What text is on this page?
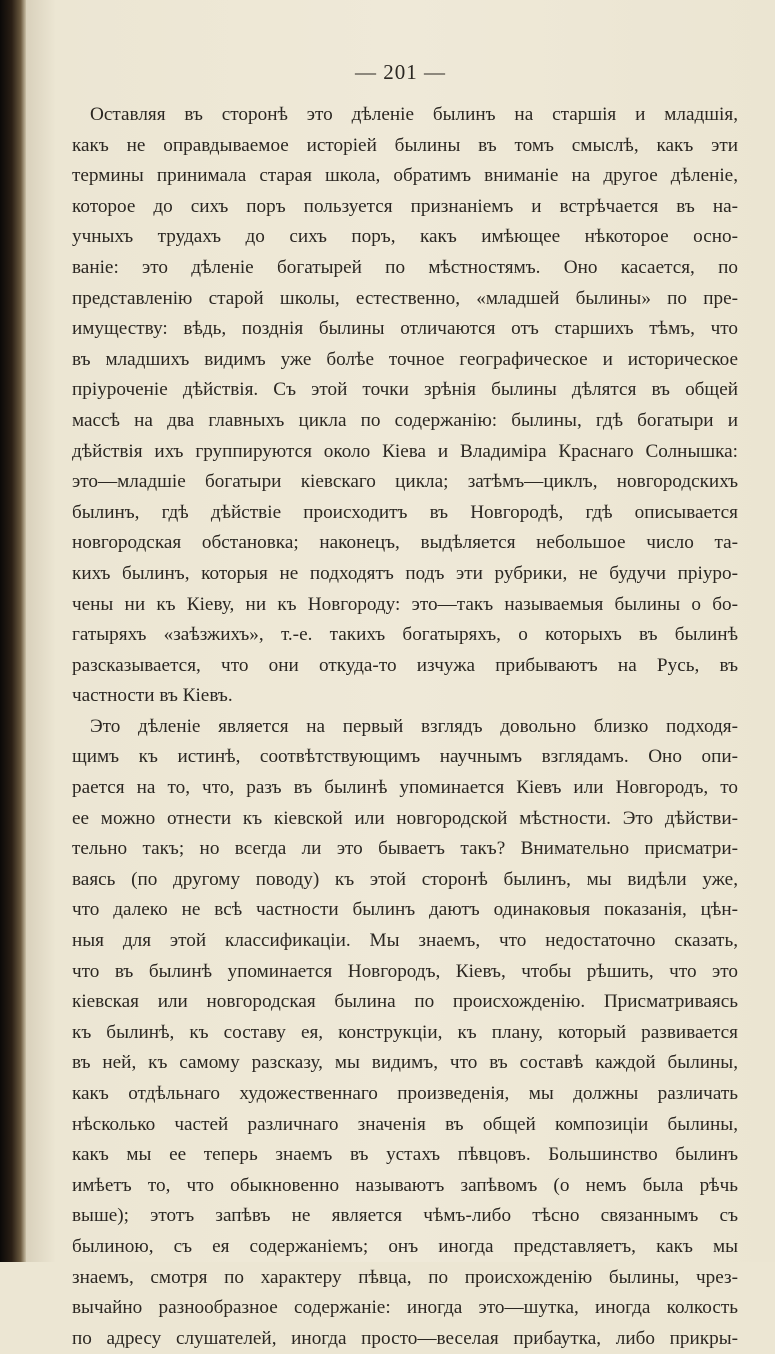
— 201 —
Оставляя въ сторонѣ это дѣленіе былинъ на старшія и младшія,
какъ не оправдываемое исторіей былины въ томъ смыслѣ, какъ эти
термины принимала старая школа, обратимъ вниманіе на другое дѣленіе,
которое до сихъ поръ пользуется признаніемъ и встрѣчается въ на-
учныхъ трудахъ до сихъ поръ, какъ имѣющее нѣкоторое осно-
ваніе: это дѣленіе богатырей по мѣстностямъ. Оно касается, по
представленію старой школы, естественно, «младшей былины» по пре-
имуществу: вѣдь, позднія былины отличаются отъ старшихъ тѣмъ, что
въ младшихъ видимъ уже болѣе точное географическое и историческое
пріуроченіе дѣйствія. Съ этой точки зрѣнія былины дѣлятся въ общей
массѣ на два главныхъ цикла по содержанію: былины, гдѣ богатыри и
дѣйствія ихъ группируются около Кіева и Владиміра Краснаго Солнышка:
это—младшіе богатыри кіевскаго цикла; затѣмъ—циклъ, новгородскихъ
былинъ, гдѣ дѣйствіе происходитъ въ Новгородѣ, гдѣ описывается
новгородская обстановка; наконецъ, выдѣляется небольшое число та-
кихъ былинъ, которыя не подходятъ подъ эти рубрики, не будучи пріуро-
чены ни къ Кіеву, ни къ Новгороду: это—такъ называемыя былины о бо-
гатыряхъ «заѣзжихъ», т.-е. такихъ богатыряхъ, о которыхъ въ былинѣ
разсказывается, что они откуда-то изчужа прибываютъ на Русь, въ
частности въ Кіевъ.
Это дѣленіе является на первый взглядъ довольно близко подходя-
щимъ къ истинѣ, соотвѣтствующимъ научнымъ взглядамъ. Оно опи-
рается на то, что, разъ въ былинѣ упоминается Кіевъ или Новгородъ, то
ее можно отнести къ кіевской или новгородской мѣстности. Это дѣйстви-
тельно такъ; но всегда ли это бываетъ такъ? Внимательно присматри-
ваясь (по другому поводу) къ этой сторонѣ былинъ, мы видѣли уже,
что далеко не всѣ частности былинъ даютъ одинаковыя показанія, цѣн-
ныя для этой классификаціи. Мы знаемъ, что недостаточно сказать,
что въ былинѣ упоминается Новгородъ, Кіевъ, чтобы рѣшить, что это
кіевская или новгородская былина по происхожденію. Присматриваясь
къ былинѣ, къ составу ея, конструкціи, къ плану, который развивается
въ ней, къ самому разсказу, мы видимъ, что въ составѣ каждой былины,
какъ отдѣльнаго художественнаго произведенія, мы должны различать
нѣсколько частей различнаго значенія въ общей композиціи былины,
какъ мы ее теперь знаемъ въ устахъ пѣвцовъ. Большинство былинъ
имѣетъ то, что обыкновенно называютъ запѣвомъ (о немъ была рѣчь
выше); этотъ запѣвъ не является чѣмъ-либо тѣсно связаннымъ съ
былиною, съ ея содержаніемъ; онъ иногда представляетъ, какъ мы
знаемъ, смотря по характеру пѣвца, по происхожденію былины, чрез-
вычайно разнообразное содержаніе: иногда это—шутка, иногда колкость
по адресу слушателей, иногда просто—веселая прибаутка, либо прикры-
